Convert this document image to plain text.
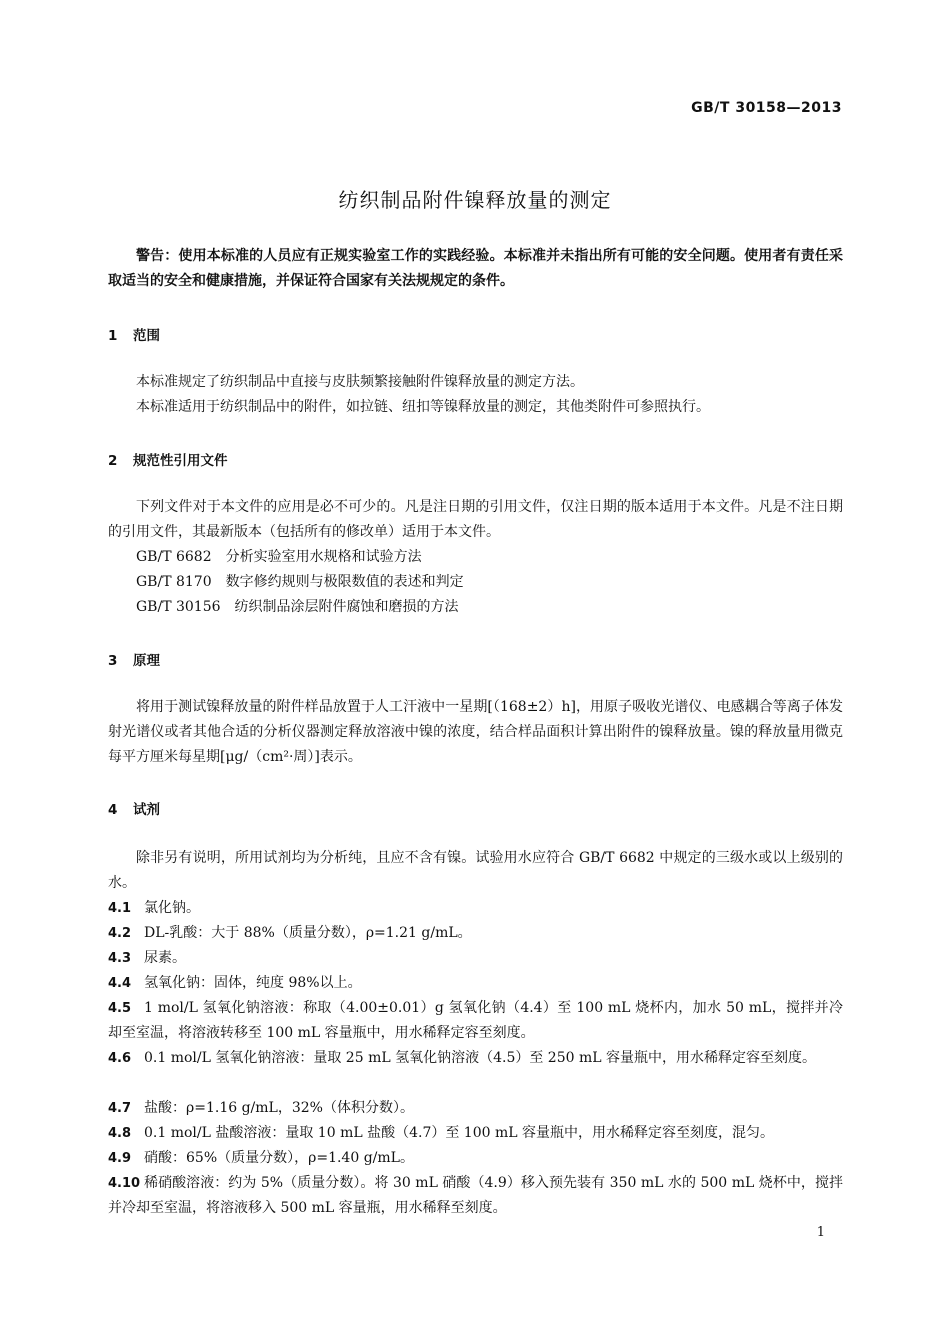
GB/T 30158—2013
纺织制品附件镍释放量的测定
警告：使用本标准的人员应有正规实验室工作的实践经验。本标准并未指出所有可能的安全问题。使用者有责任采取适当的安全和健康措施，并保证符合国家有关法规规定的条件。
1 范围
本标准规定了纺织制品中直接与皮肤频繁接触附件镍释放量的测定方法。
本标准适用于纺织制品中的附件，如拉链、纽扣等镍释放量的测定，其他类附件可参照执行。
2 规范性引用文件
下列文件对于本文件的应用是必不可少的。凡是注日期的引用文件，仅注日期的版本适用于本文件。凡是不注日期的引用文件，其最新版本（包括所有的修改单）适用于本文件。
GB/T 6682 分析实验室用水规格和试验方法
GB/T 8170 数字修约规则与极限数值的表述和判定
GB/T 30156 纺织制品涂层附件腐蚀和磨损的方法
3 原理
将用于测试镍释放量的附件样品放置于人工汗液中一星期[（168±2）h]，用原子吸收光谱仪、电感耦合等离子体发射光谱仪或者其他合适的分析仪器测定释放溶液中镍的浓度，结合样品面积计算出附件的镍释放量。镍的释放量用微克每平方厘米每星期[μg/（cm²·周）]表示。
4 试剂
除非另有说明，所用试剂均为分析纯，且应不含有镍。试验用水应符合 GB/T 6682 中规定的三级水或以上级别的水。
4.1 氯化钠。
4.2 DL-乳酸：大于 88%（质量分数），ρ=1.21 g/mL。
4.3 尿素。
4.4 氢氧化钠：固体，纯度 98%以上。
4.5 1 mol/L 氢氧化钠溶液：称取（4.00±0.01）g 氢氧化钠（4.4）至 100 mL 烧杯内，加水 50 mL，搅拌并冷却至室温，将溶液转移至 100 mL 容量瓶中，用水稀释定容至刻度。
4.6 0.1 mol/L 氢氧化钠溶液：量取 25 mL 氢氧化钠溶液（4.5）至 250 mL 容量瓶中，用水稀释定容至刻度。
4.7 盐酸：ρ=1.16 g/mL，32%（体积分数）。
4.8 0.1 mol/L 盐酸溶液：量取 10 mL 盐酸（4.7）至 100 mL 容量瓶中，用水稀释定容至刻度，混匀。
4.9 硝酸：65%（质量分数），ρ=1.40 g/mL。
4.10 稀硝酸溶液：约为 5%（质量分数）。将 30 mL 硝酸（4.9）移入预先装有 350 mL 水的 500 mL 烧杯中，搅拌并冷却至室温，将溶液移入 500 mL 容量瓶，用水稀释至刻度。
1
